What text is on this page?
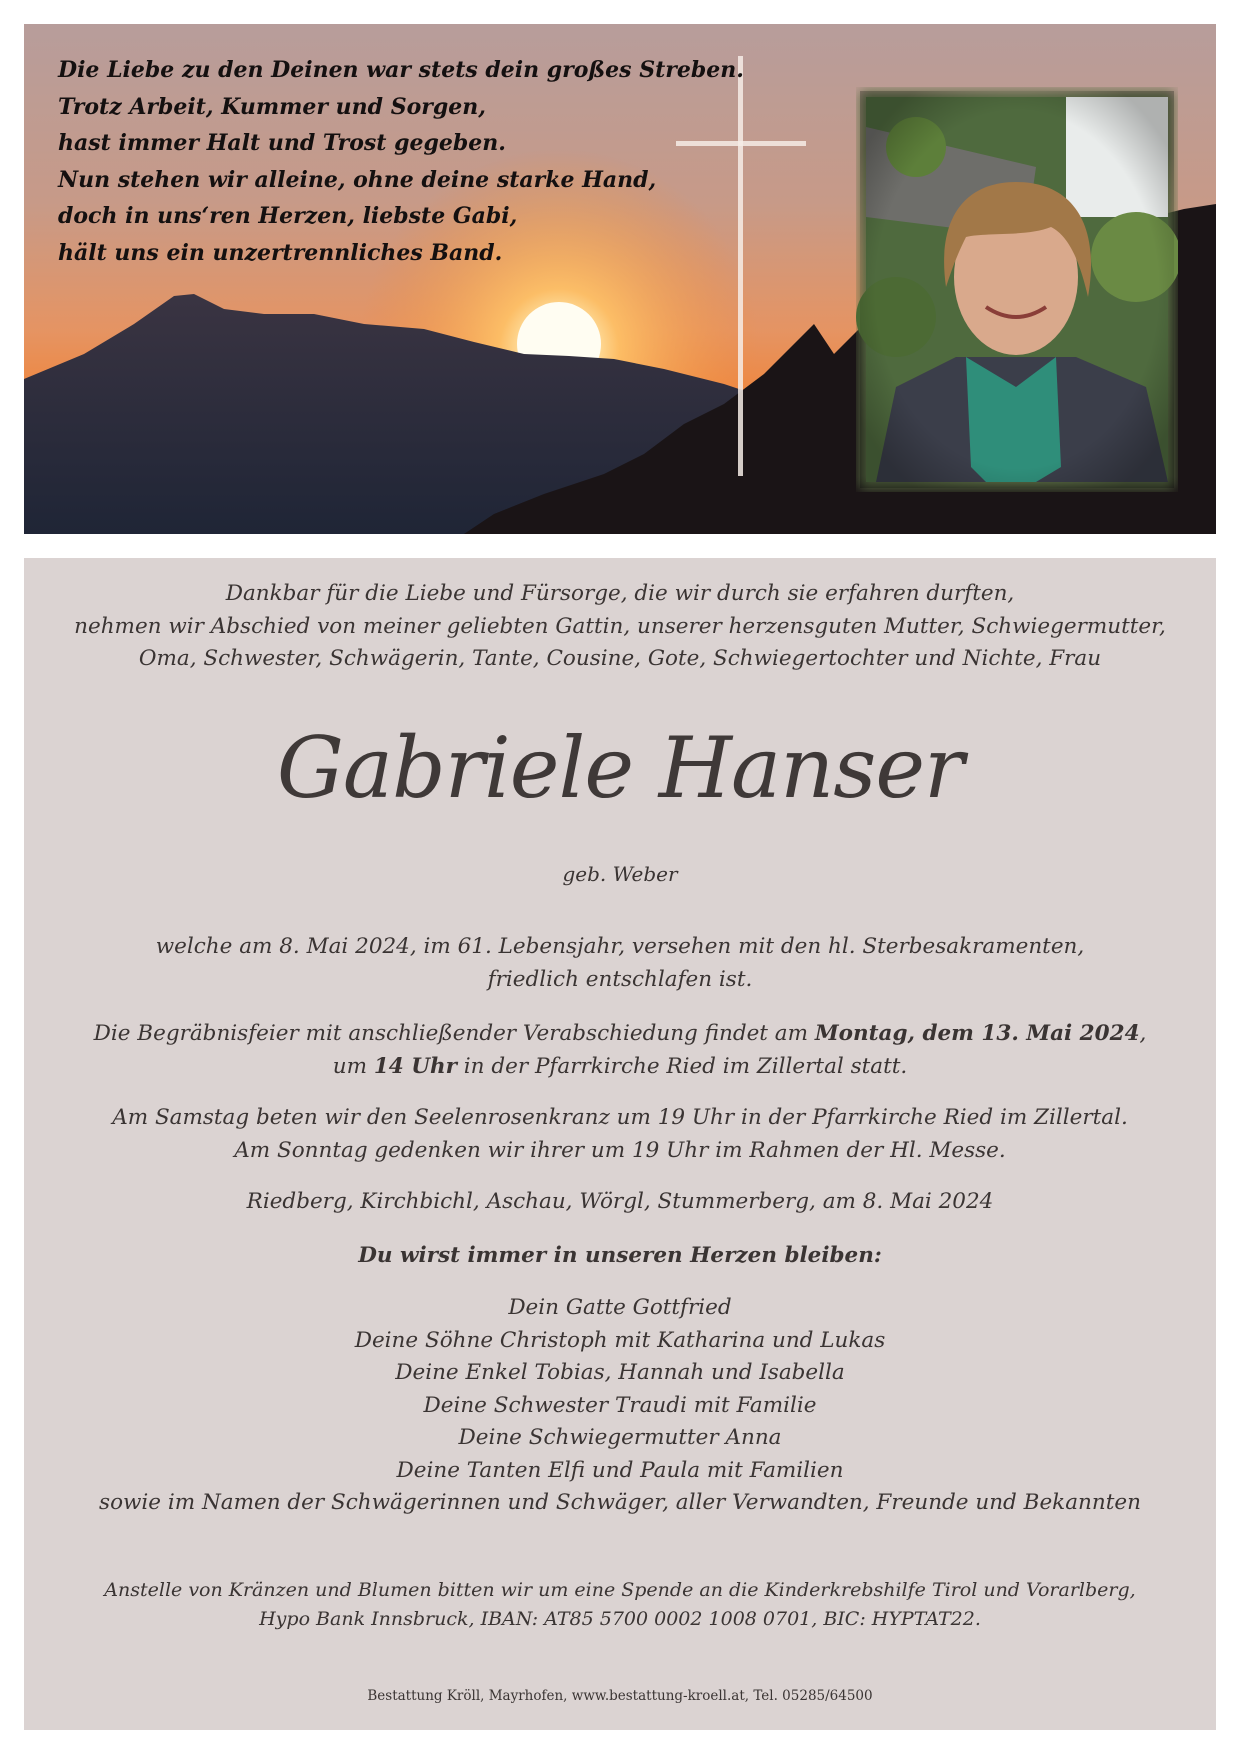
Die Liebe zu den Deinen war stets dein großes Streben.
Trotz Arbeit, Kummer und Sorgen,
hast immer Halt und Trost gegeben.
Nun stehen wir alleine, ohne deine starke Hand,
doch in uns‘ren Herzen, liebste Gabi,
hält uns ein unzertrennliches Band.
Dankbar für die Liebe und Fürsorge, die wir durch sie erfahren durften,
nehmen wir Abschied von meiner geliebten Gattin, unserer herzensguten Mutter, Schwiegermutter,
Oma, Schwester, Schwägerin, Tante, Cousine, Gote, Schwiegertochter und Nichte, Frau
Gabriele Hanser
geb. Weber
welche am 8. Mai 2024, im 61. Lebensjahr, versehen mit den hl. Sterbesakramenten,
friedlich entschlafen ist.
Die Begräbnisfeier mit anschließender Verabschiedung findet am Montag, dem 13. Mai 2024,
um 14 Uhr in der Pfarrkirche Ried im Zillertal statt.
Am Samstag beten wir den Seelenrosenkranz um 19 Uhr in der Pfarrkirche Ried im Zillertal.
Am Sonntag gedenken wir ihrer um 19 Uhr im Rahmen der Hl. Messe.
Riedberg, Kirchbichl, Aschau, Wörgl, Stummerberg, am 8. Mai 2024
Du wirst immer in unseren Herzen bleiben:
Dein Gatte Gottfried
Deine Söhne Christoph mit Katharina und Lukas
Deine Enkel Tobias, Hannah und Isabella
Deine Schwester Traudi mit Familie
Deine Schwiegermutter Anna
Deine Tanten Elfi und Paula mit Familien
sowie im Namen der Schwägerinnen und Schwäger, aller Verwandten, Freunde und Bekannten
Anstelle von Kränzen und Blumen bitten wir um eine Spende an die Kinderkrebshilfe Tirol und Vorarlberg,
Hypo Bank Innsbruck, IBAN: AT85 5700 0002 1008 0701, BIC: HYPTAT22.
Bestattung Kröll, Mayrhofen, www.bestattung-kroell.at, Tel. 05285/64500
